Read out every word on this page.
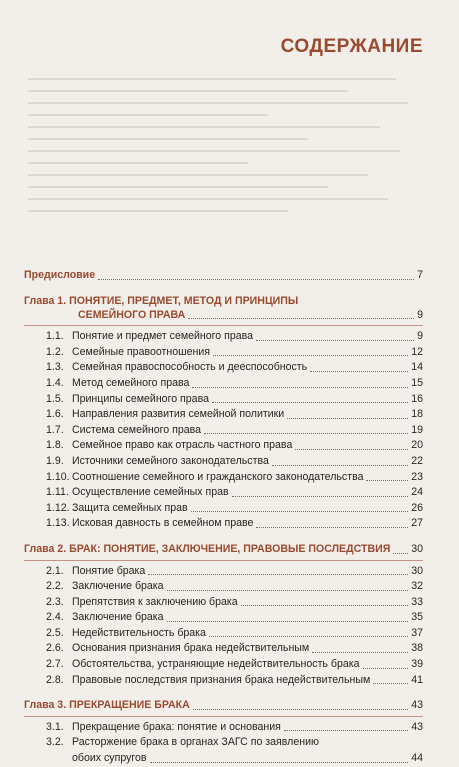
СОДЕРЖАНИЕ
Предисловие	7
Глава 1.
ПОНЯТИЕ, ПРЕДМЕТ, МЕТОД И ПРИНЦИПЫ
СЕМЕЙНОГО ПРАВА	9
1.1. Понятие и предмет семейного права	9
1.2. Семейные правоотношения	12
1.3. Семейная правоспособность и дееспособность	14
1.4. Метод семейного права	15
1.5. Принципы семейного права	16
1.6. Направления развития семейной политики	18
1.7. Система семейного права	19
1.8. Семейное право как отрасль частного права	20
1.9. Источники семейного законодательства	22
1.10. Соотношение семейного и гражданского законодательства	23
1.11. Осуществление семейных прав	24
1.12. Защита семейных прав	26
1.13. Исковая давность в семейном праве	27
Глава 2. БРАК: ПОНЯТИЕ, ЗАКЛЮЧЕНИЕ, ПРАВОВЫЕ ПОСЛЕДСТВИЯ 30
2.1. Понятие брака	30
2.2. Заключение брака	32
2.3. Препятствия к заключению брака	33
2.4. Заключение брака	35
2.5. Недействительность брака	37
2.6. Основания признания брака недействительным	38
2.7. Обстоятельства, устраняющие недействительность брака	39
2.8. Правовые последствия признания брака недействительным	41
Глава 3. ПРЕКРАЩЕНИЕ БРАКА	43
3.1. Прекращение брака: понятие и основания	43
3.2. Расторжение брака в органах ЗАГС по заявлению
обоих супругов	44
